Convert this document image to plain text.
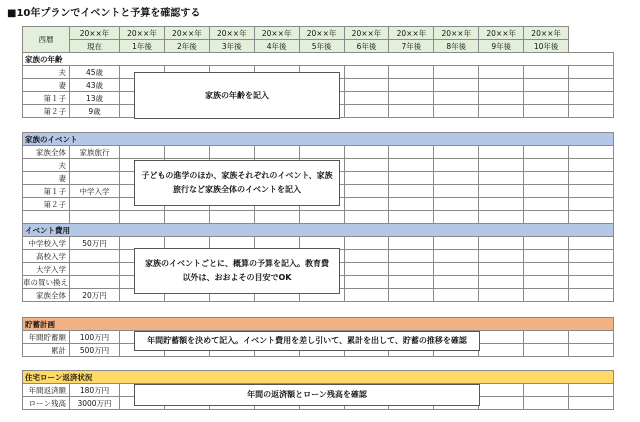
■10年プランでイベントと予算を確認する
西暦	20××年	20××年	20××年	20××年	20××年	20××年	20××年	20××年	20××年	20××年	20××年	
	現在	1年後	2年後	3年後	4年後	5年後	6年後	7年後	8年後	9年後	10年後	
家族の年齢												
夫	45歳											
妻	43歳											
第１子	13歳											
第２子	9歳											
家族の年齢を記入
家族のイベント												
家族全体	家族旅行											
夫												
妻												
第１子	中学入学											
第２子												

子どもの進学のほか、家族それぞれのイベント、家族
旅行など家族全体のイベントを記入
イベント費用												
中学校入学	50万円											
高校入学												
大学入学												
車の買い換え												
家族全体	20万円											
家族のイベントごとに、概算の予算を記入。教育費
以外は、おおよその目安でOK
貯蓄計画												
年間貯蓄額	100万円											
累計	500万円											
年間貯蓄額を決めて記入。イベント費用を差し引いて、累計を出して、貯蓄の推移を確認
住宅ローン返済状況												
年間返済額	180万円											
ローン残高	3000万円											
年間の返済額とローン残高を確認
